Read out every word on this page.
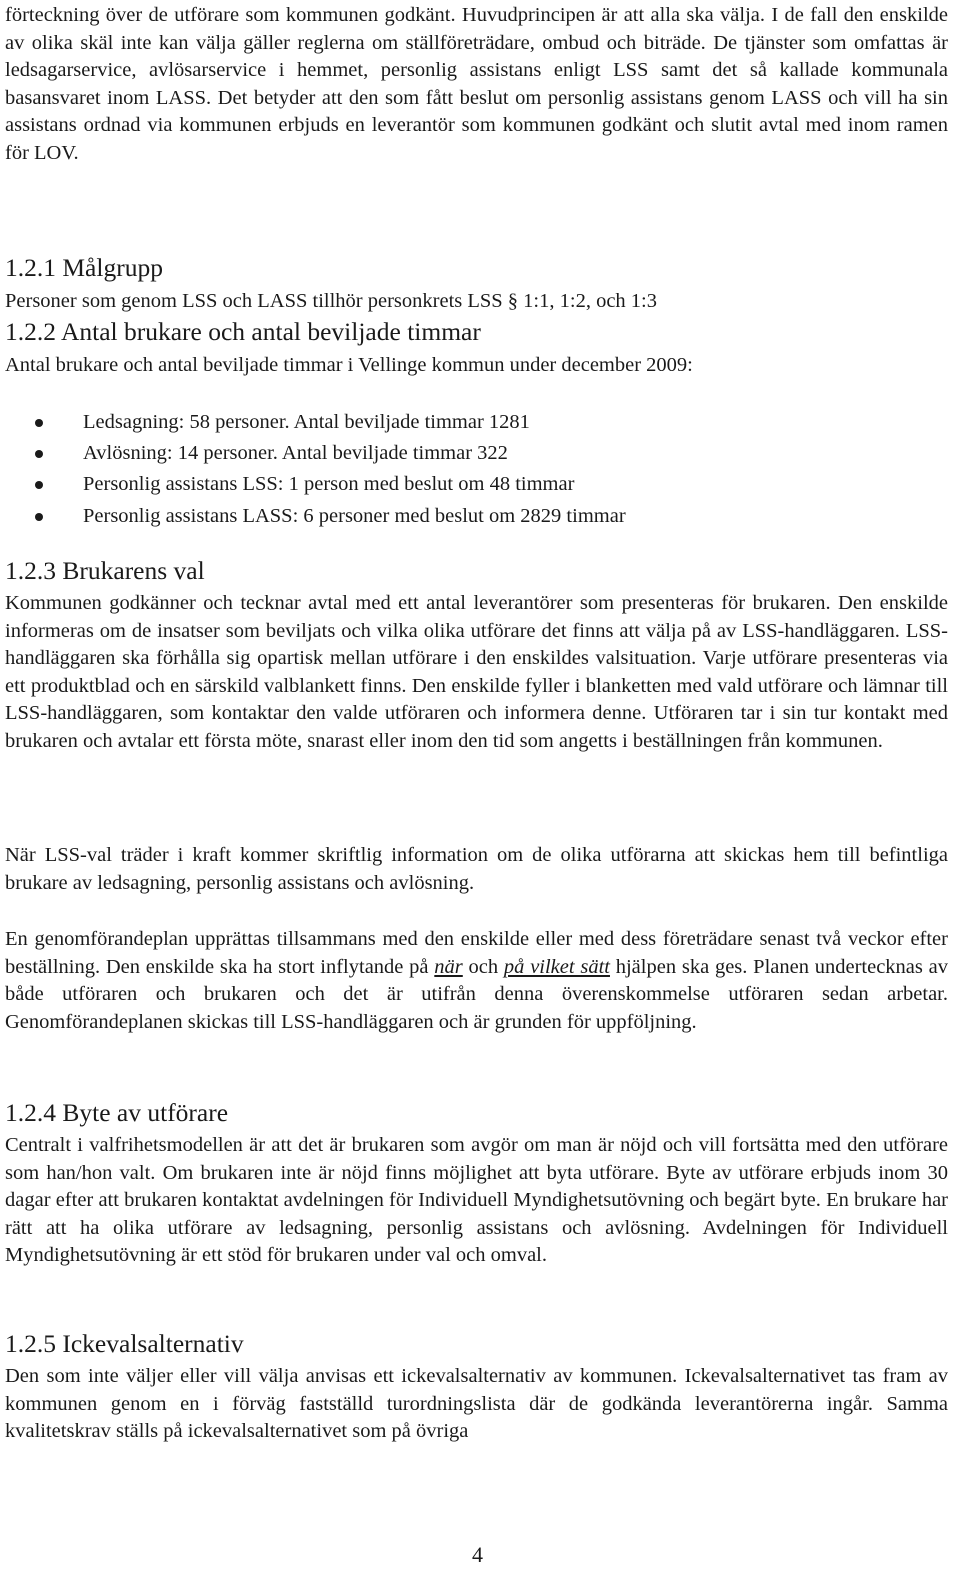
förteckning över de utförare som kommunen godkänt. Huvudprincipen är att alla ska välja. I de fall den enskilde av olika skäl inte kan välja gäller reglerna om ställföreträdare, ombud och biträde. De tjänster som omfattas är ledsagarservice, avlösarservice i hemmet, personlig assistans enligt LSS samt det så kallade kommunala basansvaret inom LASS. Det betyder att den som fått beslut om personlig assistans genom LASS och vill ha sin assistans ordnad via kommunen erbjuds en leverantör som kommunen godkänt och slutit avtal med inom ramen för LOV.

1.2.1 Målgrupp

Personer som genom LSS och LASS tillhör personkrets LSS § 1:1, 1:2, och 1:3

1.2.2 Antal brukare och antal beviljade timmar

Antal brukare och antal beviljade timmar i Vellinge kommun under december 2009:

Ledsagning: 58 personer. Antal beviljade timmar 1281
Avlösning: 14 personer. Antal beviljade timmar 322
Personlig assistans LSS: 1 person med beslut om 48 timmar
Personlig assistans LASS: 6 personer med beslut om 2829 timmar
1.2.3 Brukarens val

Kommunen godkänner och tecknar avtal med ett antal leverantörer som presenteras för brukaren. Den enskilde informeras om de insatser som beviljats och vilka olika utförare det finns att välja på av LSS-handläggaren. LSS-handläggaren ska förhålla sig opartisk mellan utförare i den enskildes valsituation. Varje utförare presenteras via ett produktblad och en särskild valblankett finns. Den enskilde fyller i blanketten med vald utförare och lämnar till LSS-handläggaren, som kontaktar den valde utföraren och informera denne. Utföraren tar i sin tur kontakt med brukaren och avtalar ett första möte, snarast eller inom den tid som angetts i beställningen från kommunen.

När LSS-val träder i kraft kommer skriftlig information om de olika utförarna att skickas hem till befintliga brukare av ledsagning, personlig assistans och avlösning.

En genomförandeplan upprättas tillsammans med den enskilde eller med dess företrädare senast två veckor efter beställning. Den enskilde ska ha stort inflytande på när och på vilket sätt hjälpen ska ges. Planen undertecknas av både utföraren och brukaren och det är utifrån denna överenskommelse utföraren sedan arbetar. Genomförandeplanen skickas till LSS-handläggaren och är grunden för uppföljning.

1.2.4 Byte av utförare

Centralt i valfrihetsmodellen är att det är brukaren som avgör om man är nöjd och vill fortsätta med den utförare som han/hon valt. Om brukaren inte är nöjd finns möjlighet att byta utförare. Byte av utförare erbjuds inom 30 dagar efter att brukaren kontaktat avdelningen för Individuell Myndighetsutövning och begärt byte. En brukare har rätt att ha olika utförare av ledsagning, personlig assistans och avlösning. Avdelningen för Individuell Myndighetsutövning är ett stöd för brukaren under val och omval.

1.2.5 Ickevalsalternativ

Den som inte väljer eller vill välja anvisas ett ickevalsalternativ av kommunen. Ickevalsalternativet tas fram av kommunen genom en i förväg fastställd turordningslista där de godkända leverantörerna ingår. Samma kvalitetskrav ställs på ickevalsalternativet som på övriga

4
